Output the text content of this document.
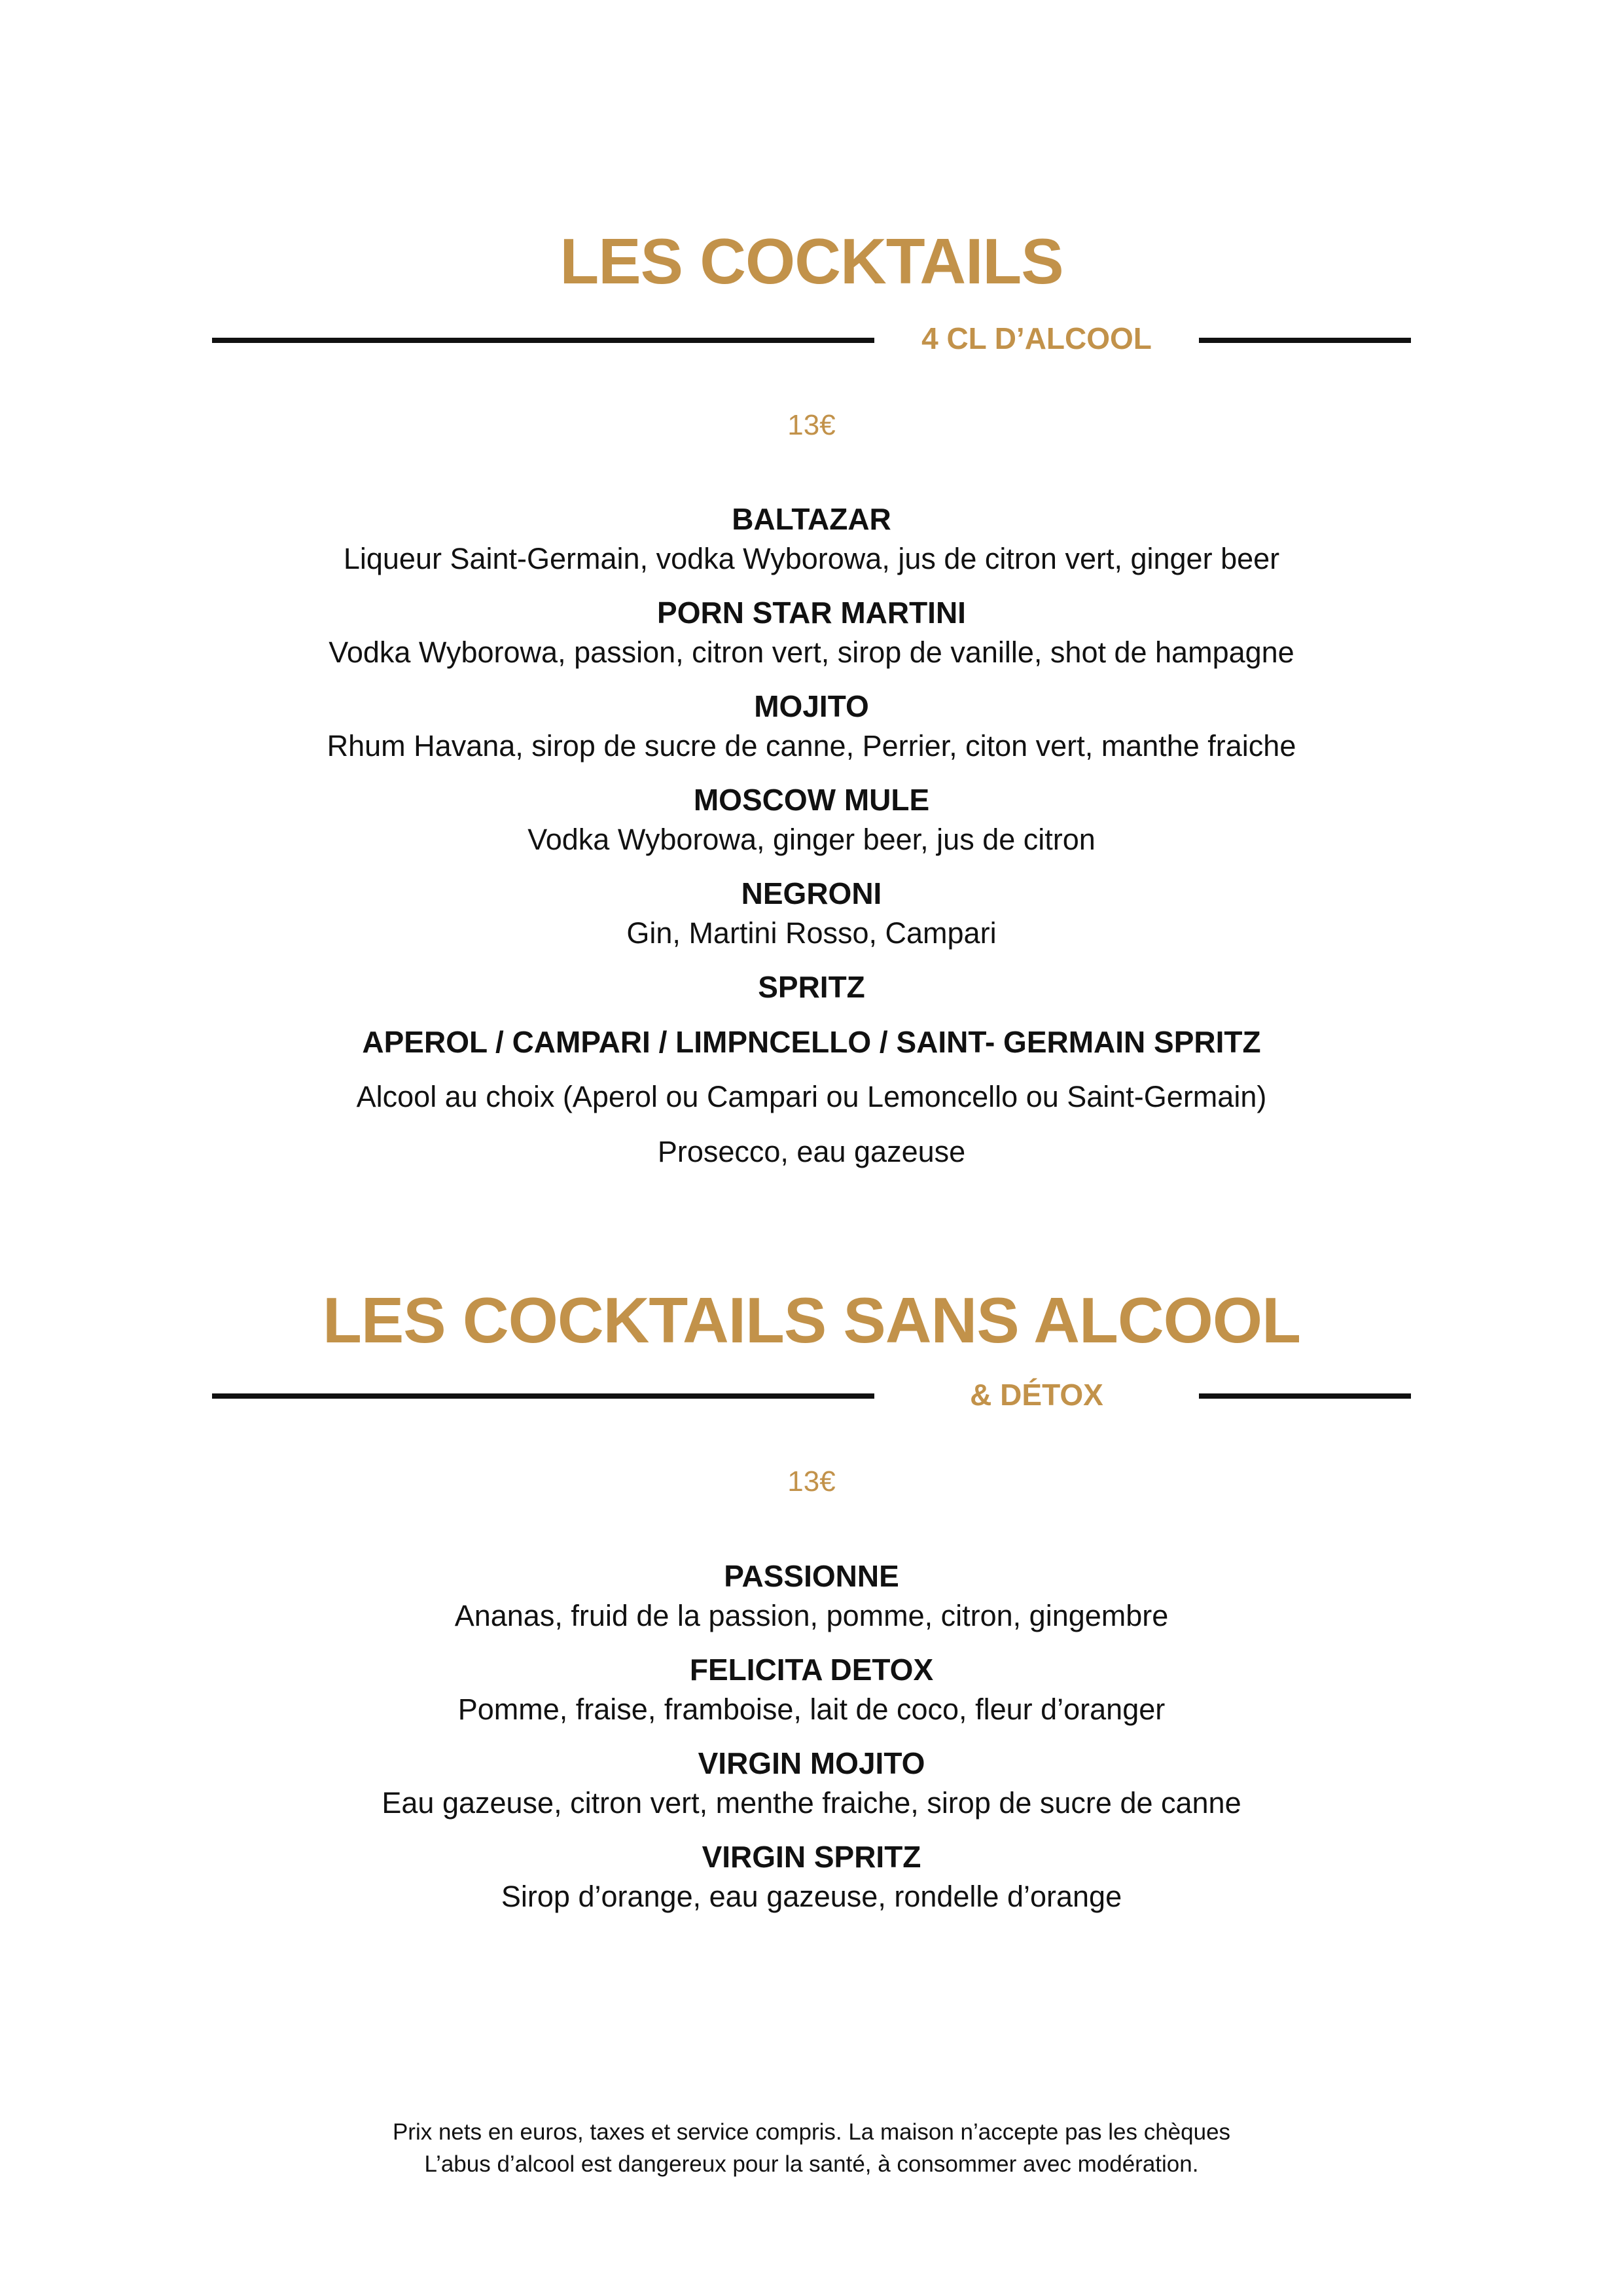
LES COCKTAILS
4 CL D’ALCOOL
13€
BALTAZAR
Liqueur Saint-Germain, vodka Wyborowa, jus de citron vert, ginger beer
PORN STAR MARTINI
Vodka Wyborowa, passion, citron vert, sirop de vanille, shot de hampagne
MOJITO
Rhum Havana, sirop de sucre de canne, Perrier, citon vert, manthe fraiche
MOSCOW MULE
Vodka Wyborowa, ginger beer, jus de citron
NEGRONI
Gin, Martini Rosso, Campari
SPRITZ
APEROL / CAMPARI / LIMPNCELLO / SAINT- GERMAIN SPRITZ
Alcool au choix (Aperol ou Campari ou Lemoncello ou Saint-Germain)
Prosecco, eau gazeuse
LES COCKTAILS SANS ALCOOL
& DÉTOX
13€
PASSIONNE
Ananas, fruid de la passion, pomme, citron, gingembre
FELICITA DETOX
Pomme, fraise, framboise, lait de coco, fleur d’oranger
VIRGIN MOJITO
Eau gazeuse, citron vert, menthe fraiche, sirop de sucre de canne
VIRGIN SPRITZ
Sirop d’orange, eau gazeuse, rondelle d’orange
Prix nets en euros, taxes et service compris. La maison n’accepte pas les chèques
L’abus d’alcool est dangereux pour la santé, à consommer avec modération.
